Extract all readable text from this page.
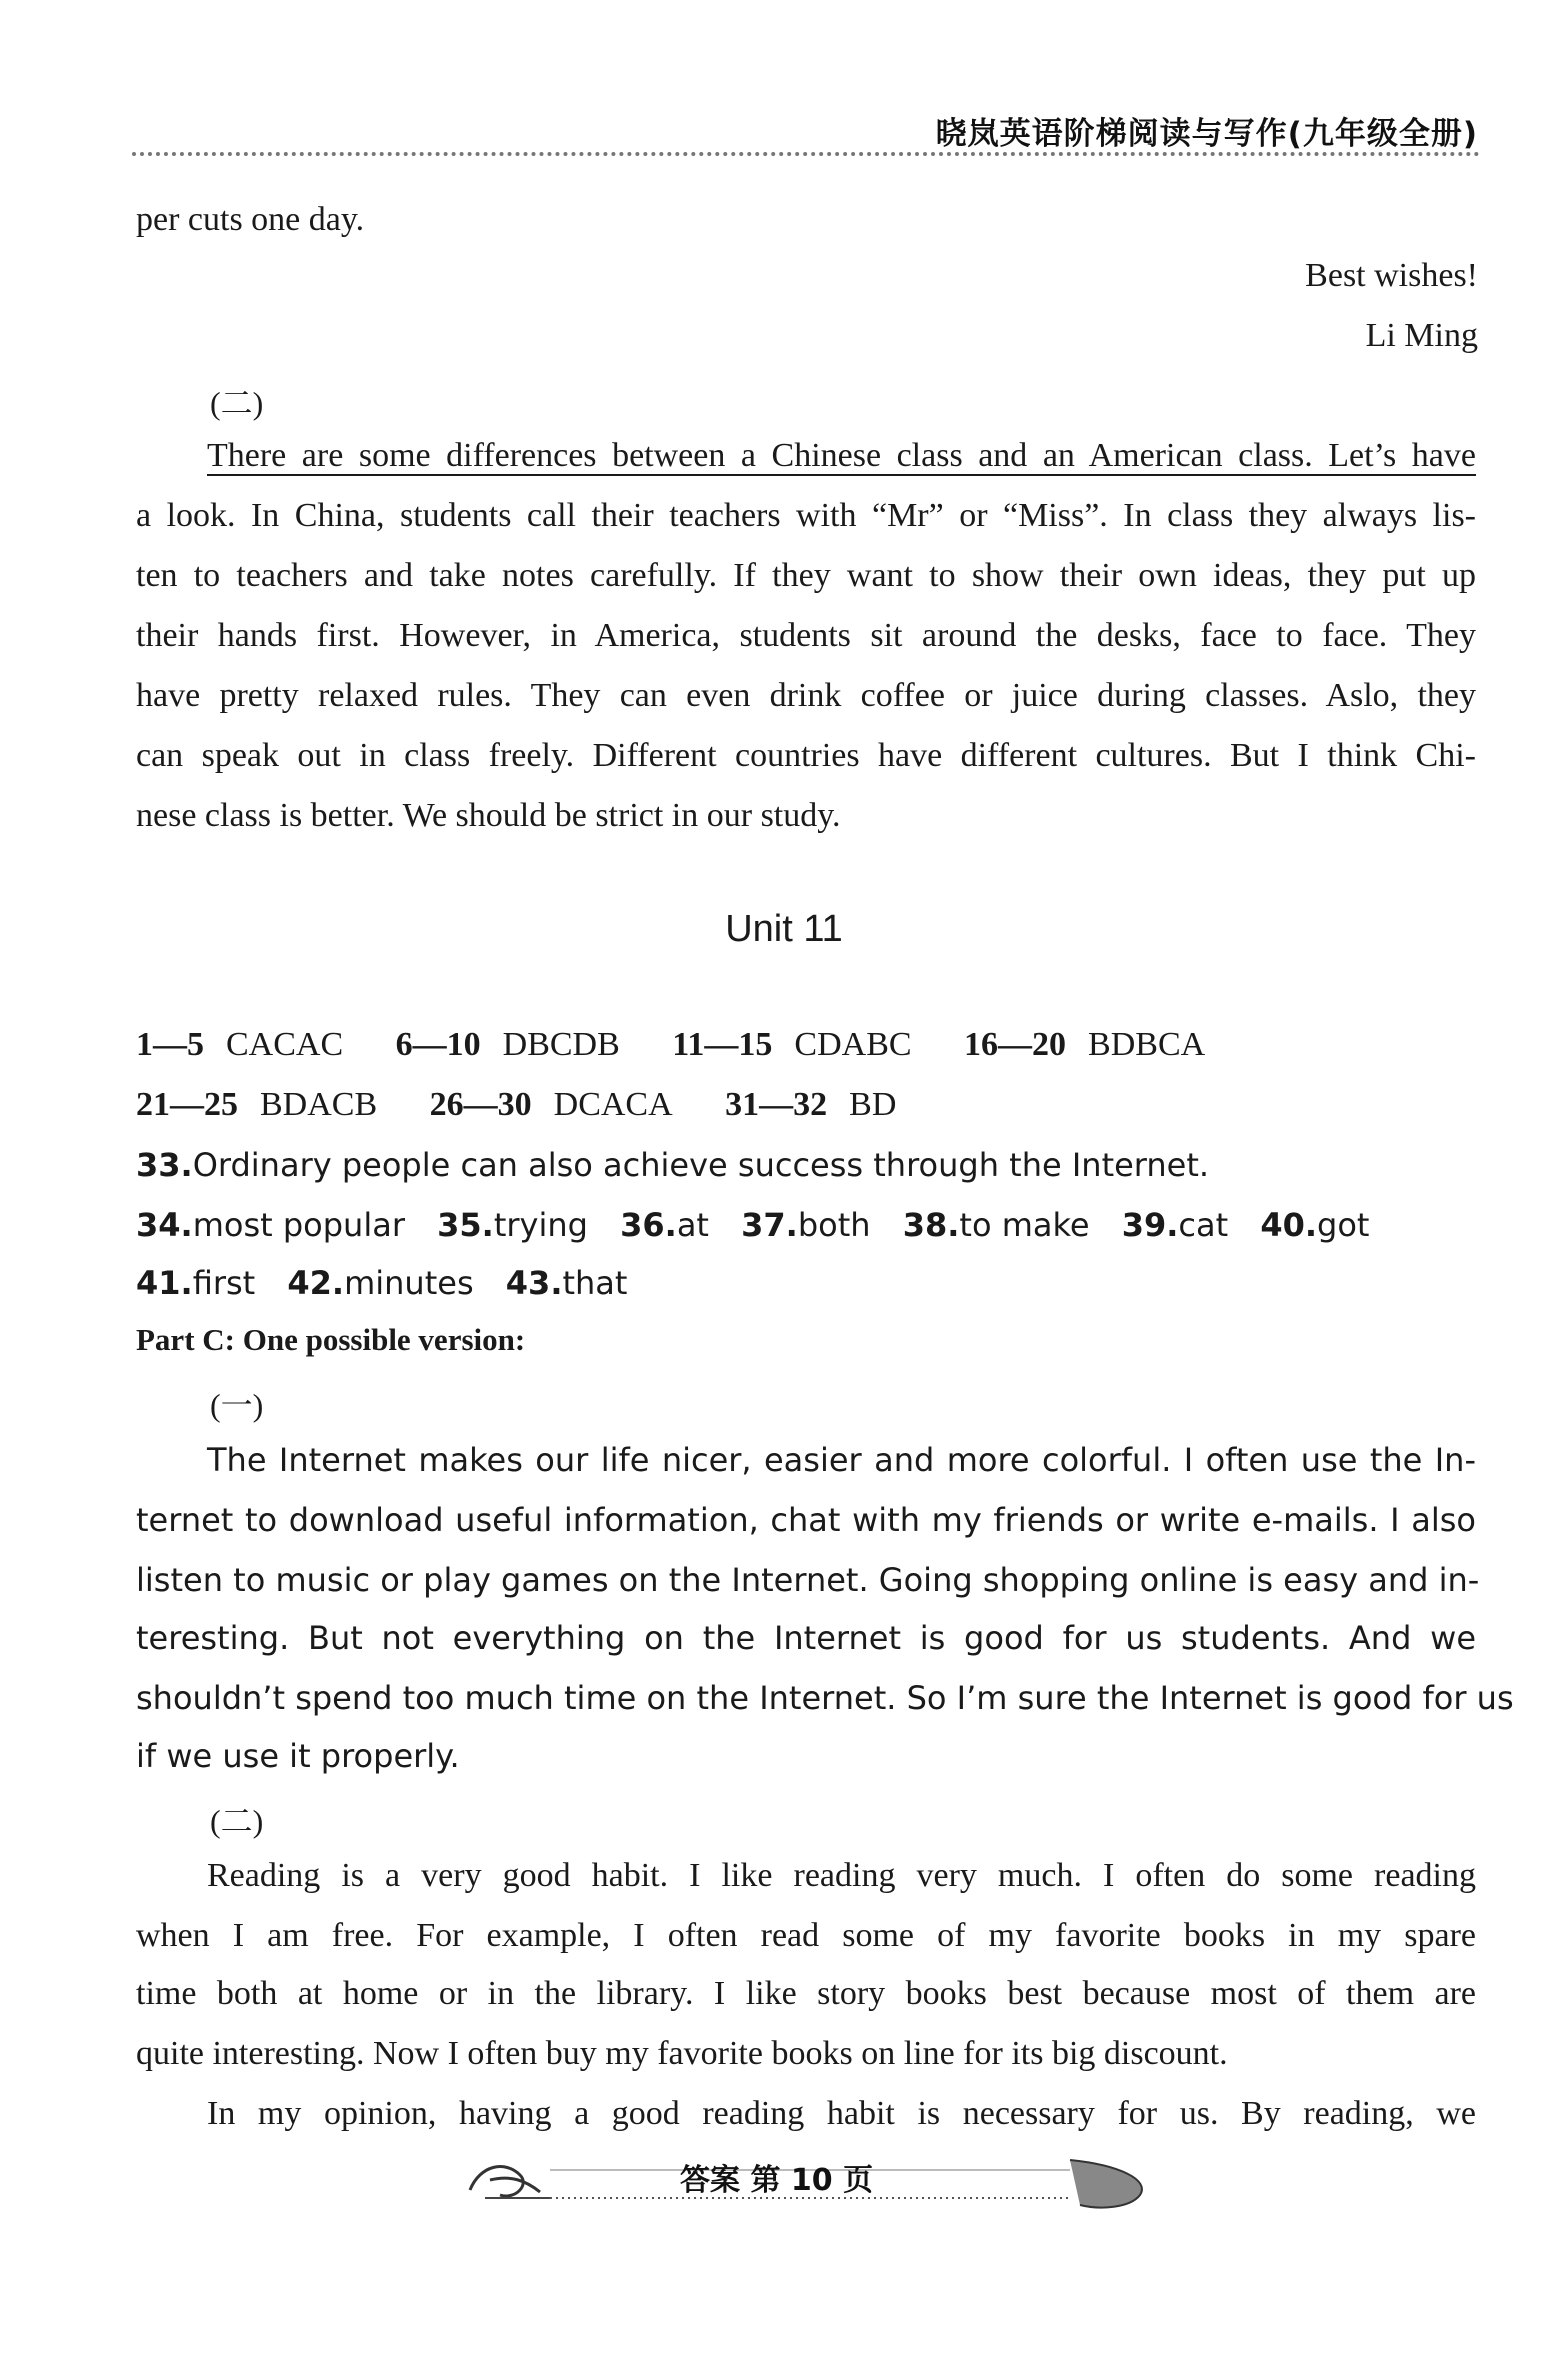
晓岚英语阶梯阅读与写作(九年级全册)
per cuts one day.
Best wishes!
Li Ming
(二)
There are some differences between a Chinese class and an American class. Let’s have
a look. In China, students call their teachers with “Mr” or “Miss”. In class they always lis-
ten to teachers and take notes carefully. If they want to show their own ideas, they put up
their hands first. However, in America, students sit around the desks, face to face. They
have pretty relaxed rules. They can even drink coffee or juice during classes. Aslo, they
can speak out in class freely. Different countries have different cultures. But I think Chi-
nese class is better. We should be strict in our study.
Unit 11
1—5 CACAC 6—10 DBCDB 11—15 CDABC 16—20 BDBCA
21—25 BDACB 26—30 DCACA 31—32 BD
33.Ordinary people can also achieve success through the Internet.
34.most popular 35.trying 36.at 37.both 38.to make 39.cat 40.got
41.first 42.minutes 43.that
Part C: One possible version:
(一)
The Internet makes our life nicer, easier and more colorful. I often use the In-
ternet to download useful information, chat with my friends or write e-mails. I also
listen to music or play games on the Internet. Going shopping online is easy and in-
teresting. But not everything on the Internet is good for us students. And we
shouldn’t spend too much time on the Internet. So I’m sure the Internet is good for us
if we use it properly.
(二)
Reading is a very good habit. I like reading very much. I often do some reading
when I am free. For example, I often read some of my favorite books in my spare
time both at home or in the library. I like story books best because most of them are
quite interesting. Now I often buy my favorite books on line for its big discount.
In my opinion, having a good reading habit is necessary for us. By reading, we
答案 第 10 页
